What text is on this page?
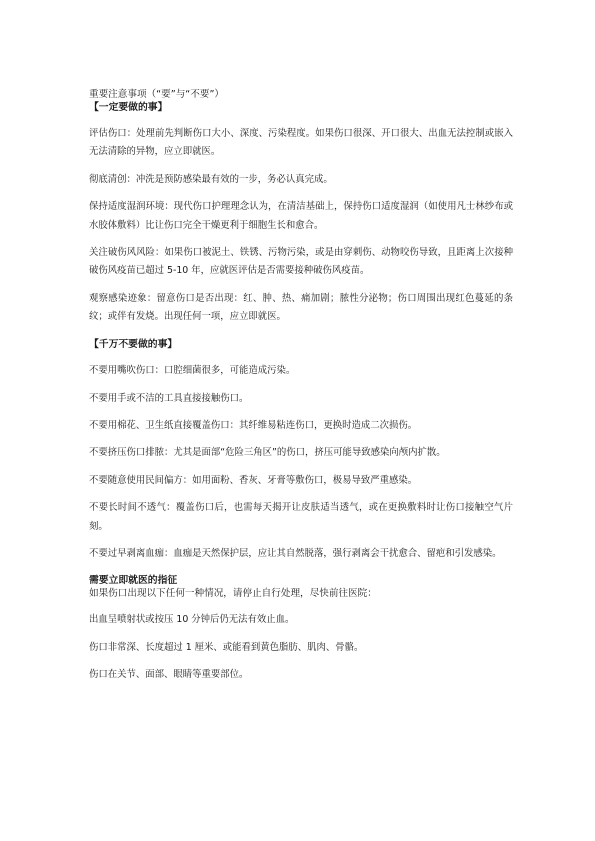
重要注意事项（“要”与“不要”）
【一定要做的事】

评估伤口：处理前先判断伤口大小、深度、污染程度。如果伤口很深、开口很大、出血无法控制或嵌入无法清除的异物，应立即就医。

彻底清创：冲洗是预防感染最有效的一步，务必认真完成。

保持适度湿润环境：现代伤口护理理念认为，在清洁基础上，保持伤口适度湿润（如使用凡士林纱布或水胶体敷料）比让伤口完全干燥更利于细胞生长和愈合。

关注破伤风风险：如果伤口被泥土、铁锈、污物污染，或是由穿刺伤、动物咬伤导致，且距离上次接种破伤风疫苗已超过 5-10 年，应就医评估是否需要接种破伤风疫苗。

观察感染迹象：留意伤口是否出现：红、肿、热、痛加剧；脓性分泌物；伤口周围出现红色蔓延的条纹；或伴有发烧。出现任何一项，应立即就医。

【千万不要做的事】

不要用嘴吹伤口：口腔细菌很多，可能造成污染。

不要用手或不洁的工具直接接触伤口。

不要用棉花、卫生纸直接覆盖伤口：其纤维易粘连伤口，更换时造成二次损伤。

不要挤压伤口排脓：尤其是面部“危险三角区”的伤口，挤压可能导致感染向颅内扩散。

不要随意使用民间偏方：如用面粉、香灰、牙膏等敷伤口，极易导致严重感染。

不要长时间不透气：覆盖伤口后，也需每天揭开让皮肤适当透气，或在更换敷料时让伤口接触空气片刻。

不要过早剥离血痂：血痂是天然保护层，应让其自然脱落，强行剥离会干扰愈合、留疤和引发感染。

需要立即就医的指征
如果伤口出现以下任何一种情况，请停止自行处理，尽快前往医院：

出血呈喷射状或按压 10 分钟后仍无法有效止血。

伤口非常深、长度超过 1 厘米、或能看到黄色脂肪、肌肉、骨骼。

伤口在关节、面部、眼睛等重要部位。
